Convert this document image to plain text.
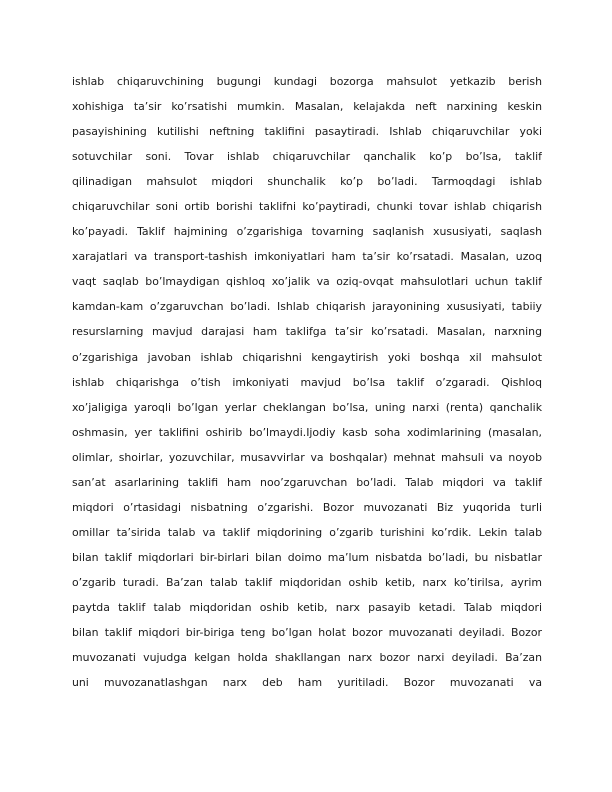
ishlab chiqaruvchining bugungi kundagi bozorga mahsulot yetkazib berish
xohishiga ta’sir ko’rsatishi mumkin. Masalan, kelajakda neft narxining keskin
pasayishining kutilishi neftning taklifini pasaytiradi. Ishlab chiqaruvchilar yoki
sotuvchilar soni. Tovar ishlab chiqaruvchilar qanchalik ko’p bo’lsa, taklif
qilinadigan mahsulot miqdori shunchalik ko’p bo’ladi. Tarmoqdagi ishlab
chiqaruvchilar soni ortib borishi taklifni ko’paytiradi, chunki tovar ishlab chiqarish
ko’payadi. Taklif hajmining o’zgarishiga tovarning saqlanish xususiyati, saqlash
xarajatlari va transport-tashish imkoniyatlari ham ta’sir ko’rsatadi. Masalan, uzoq
vaqt saqlab bo’lmaydigan qishloq xo’jalik va oziq-ovqat mahsulotlari uchun taklif
kamdan-kam o’zgaruvchan bo’ladi. Ishlab chiqarish jarayonining xususiyati, tabiiy
resurslarning mavjud darajasi ham taklifga ta’sir ko’rsatadi. Masalan, narxning
o’zgarishiga javoban ishlab chiqarishni kengaytirish yoki boshqa xil mahsulot
ishlab chiqarishga o’tish imkoniyati mavjud bo’lsa taklif o’zgaradi. Qishloq
xo’jaligiga yaroqli bo’lgan yerlar cheklangan bo’lsa, uning narxi (renta) qanchalik
oshmasin, yer taklifini oshirib bo’lmaydi.Ijodiy kasb soha xodimlarining (masalan,
olimlar, shoirlar, yozuvchilar, musavvirlar va boshqalar) mehnat mahsuli va noyob
san’at asarlarining taklifi ham noo’zgaruvchan bo’ladi. Talab miqdori va taklif
miqdori o’rtasidagi nisbatning o’zgarishi. Bozor muvozanati Biz yuqorida turli
omillar ta’sirida talab va taklif miqdorining o’zgarib turishini ko’rdik. Lekin talab
bilan taklif miqdorlari bir-birlari bilan doimo ma’lum nisbatda bo’ladi, bu nisbatlar
o’zgarib turadi. Ba’zan talab taklif miqdoridan oshib ketib, narx ko’tirilsa, ayrim
paytda taklif talab miqdoridan oshib ketib, narx pasayib ketadi. Talab miqdori
bilan taklif miqdori bir-biriga teng bo’lgan holat bozor muvozanati deyiladi. Bozor
muvozanati vujudga kelgan holda shakllangan narx bozor narxi deyiladi. Ba’zan
uni muvozanatlashgan narx deb ham yuritiladi. Bozor muvozanati va
